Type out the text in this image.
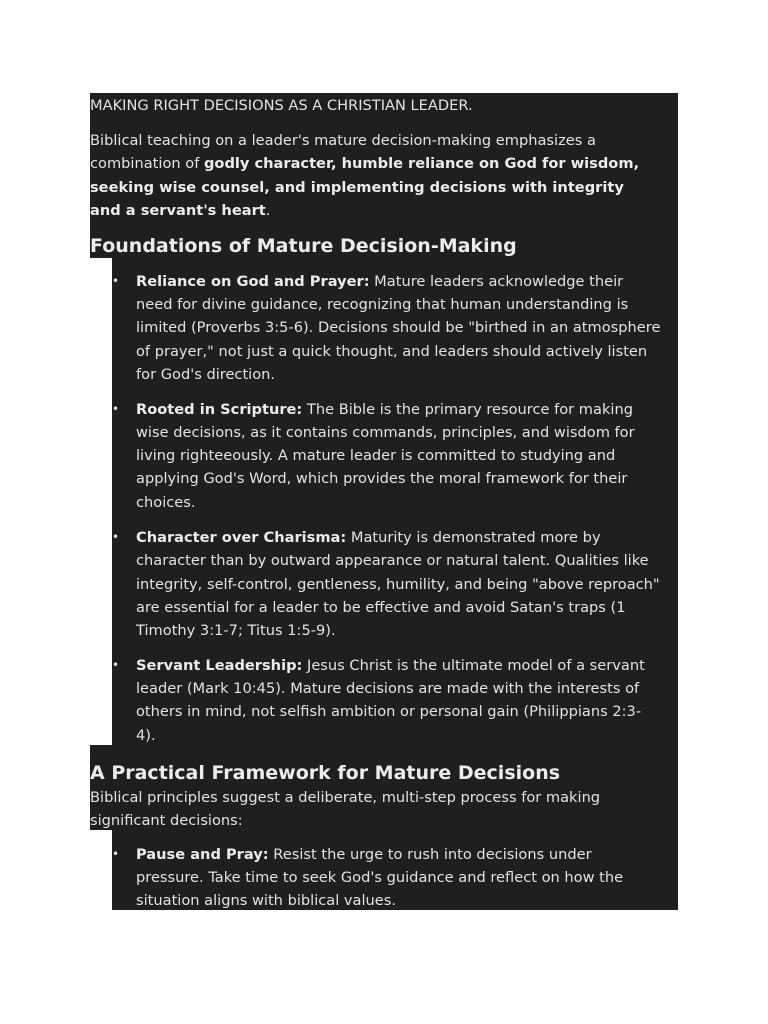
MAKING RIGHT DECISIONS AS A CHRISTIAN LEADER.

Biblical teaching on a leader's mature decision-making emphasizes a

combination of godly character, humble reliance on God for wisdom,

seeking wise counsel, and implementing decisions with integrity

and a servant's heart.

Foundations of Mature Decision-Making
• Reliance on God and Prayer: Mature leaders acknowledge their

need for divine guidance, recognizing that human understanding is

limited (Proverbs 3:5-6). Decisions should be "birthed in an atmosphere

of prayer," not just a quick thought, and leaders should actively listen

for God's direction.

• Rooted in Scripture: The Bible is the primary resource for making

wise decisions, as it contains commands, principles, and wisdom for

living righteeously. A mature leader is committed to studying and

applying God's Word, which provides the moral framework for their

choices.

• Character over Charisma: Maturity is demonstrated more by

character than by outward appearance or natural talent. Qualities like

integrity, self-control, gentleness, humility, and being "above reproach"

are essential for a leader to be effective and avoid Satan's traps (1

Timothy 3:1-7; Titus 1:5-9).

• Servant Leadership: Jesus Christ is the ultimate model of a servant

leader (Mark 10:45). Mature decisions are made with the interests of

others in mind, not selfish ambition or personal gain (Philippians 2:3-

4).

A Practical Framework for Mature Decisions

Biblical principles suggest a deliberate, multi-step process for making

significant decisions:

• Pause and Pray: Resist the urge to rush into decisions under

pressure. Take time to seek God's guidance and reflect on how the

situation aligns with biblical values.
